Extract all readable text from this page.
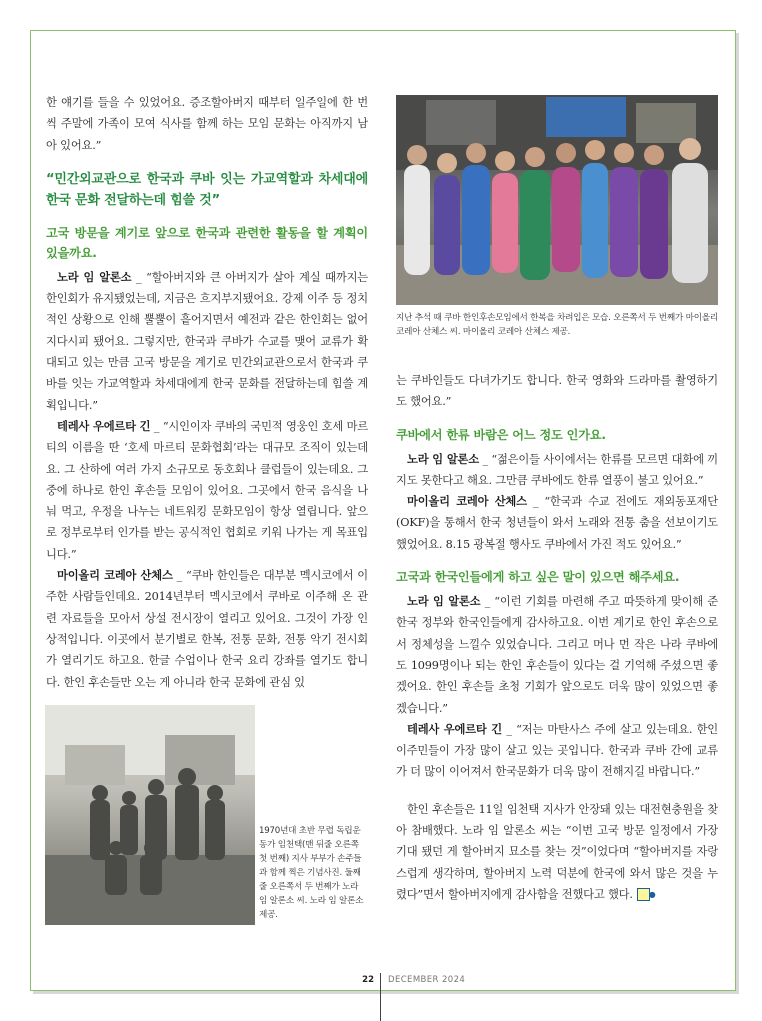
한 얘기를 들을 수 있었어요. 증조할아버지 때부터 일주일에 한 번씩 주말에 가족이 모여 식사를 함께 하는 모임 문화는 아직까지 남아 있어요.”

“민간외교관으로 한국과 쿠바 잇는 가교역할과 차세대에 한국 문화 전달하는데 힘쓸 것”

고국 방문을 계기로 앞으로 한국과 관련한 활동을 할 계획이 있을까요.

노라 임 알론소 _ “할아버지와 큰 아버지가 살아 계실 때까지는 한인회가 유지됐었는데, 지금은 흐지부지됐어요. 강제 이주 등 정치적인 상황으로 인해 뿔뿔이 흩어지면서 예전과 같은 한인회는 없어지다시피 됐어요. 그렇지만, 한국과 쿠바가 수교를 맺어 교류가 확대되고 있는 만큼 고국 방문을 계기로 민간외교관으로서 한국과 쿠바를 잇는 가교역할과 차세대에게 한국 문화를 전달하는데 힘쓸 계획입니다.”

테레사 우에르타 긴 _ “시인이자 쿠바의 국민적 영웅인 호세 마르티의 이름을 딴 ‘호세 마르티 문화협회’라는 대규모 조직이 있는데요. 그 산하에 여러 가지 소규모로 동호회나 클럽들이 있는데요. 그중에 하나로 한인 후손들 모임이 있어요. 그곳에서 한국 음식을 나눠 먹고, 우정을 나누는 네트워킹 문화모임이 항상 열립니다. 앞으로 정부로부터 인가를 받는 공식적인 협회로 키워 나가는 게 목표입니다.”

마이올리 코레아 산체스 _ “쿠바 한인들은 대부분 멕시코에서 이주한 사람들인데요. 2014년부터 멕시코에서 쿠바로 이주해 온 관련 자료들을 모아서 상설 전시장이 열리고 있어요. 그것이 가장 인상적입니다. 이곳에서 분기별로 한복, 전통 문화, 전통 악기 전시회가 열리기도 하고요. 한글 수업이나 한국 요리 강좌를 열기도 합니다. 한인 후손들만 오는 게 아니라 한국 문화에 관심 있

지난 추석 때 쿠바 한인후손모임에서 한복을 차려입은 모습. 오른쪽서 두 번째가 마이올리 코레아 산체스 씨. 마이올리 코레아 산체스 제공.

는 쿠바인들도 다녀가기도 합니다. 한국 영화와 드라마를 촬영하기도 했어요.”

쿠바에서 한류 바람은 어느 정도 인가요.

노라 임 알론소 _ “젊은이들 사이에서는 한류를 모르면 대화에 끼지도 못한다고 해요. 그만큼 쿠바에도 한류 열풍이 불고 있어요.”

마이올리 코레아 산체스 _ “한국과 수교 전에도 재외동포재단(OKF)을 통해서 한국 청년들이 와서 노래와 전통 춤을 선보이기도 했었어요. 8.15 광복절 행사도 쿠바에서 가진 적도 있어요.”

고국과 한국인들에게 하고 싶은 말이 있으면 해주세요.

노라 임 알론소 _ “이런 기회를 마련해 주고 따뜻하게 맞이해 준 한국 정부와 한국인들에게 감사하고요. 이번 계기로 한인 후손으로서 정체성을 느낄수 있었습니다. 그리고 머나 먼 작은 나라 쿠바에도 1099명이나 되는 한인 후손들이 있다는 걸 기억해 주셨으면 좋겠어요. 한인 후손들 초청 기회가 앞으로도 더욱 많이 있었으면 좋겠습니다.”

테레사 우에르타 긴 _ “저는 마탄사스 주에 살고 있는데요. 한인 이주민들이 가장 많이 살고 있는 곳입니다. 한국과 쿠바 간에 교류가 더 많이 이어져서 한국문화가 더욱 많이 전해지길 바랍니다.”

한인 후손들은 11일 임천택 지사가 안장돼 있는 대전현충원을 찾아 참배했다. 노라 임 알론소 씨는 “이번 고국 방문 일정에서 가장 기대 됐던 게 할아버지 묘소를 찾는 것”이었다며 “할아버지를 자랑스럽게 생각하며, 할아버지 노력 덕분에 한국에 와서 많은 것을 누렸다”면서 할아버지에게 감사함을 전했다고 했다. ●

1970년대 초반 무렵 독립운동가 임천택(맨 뒤줄 오른쪽 첫 번째) 지사 부부가 손주들과 함께 찍은 기념사진. 둘째 줄 오른쪽서 두 번째가 노라 임 알론소 씨. 노라 임 알론소 제공.
22 DECEMBER 2024
